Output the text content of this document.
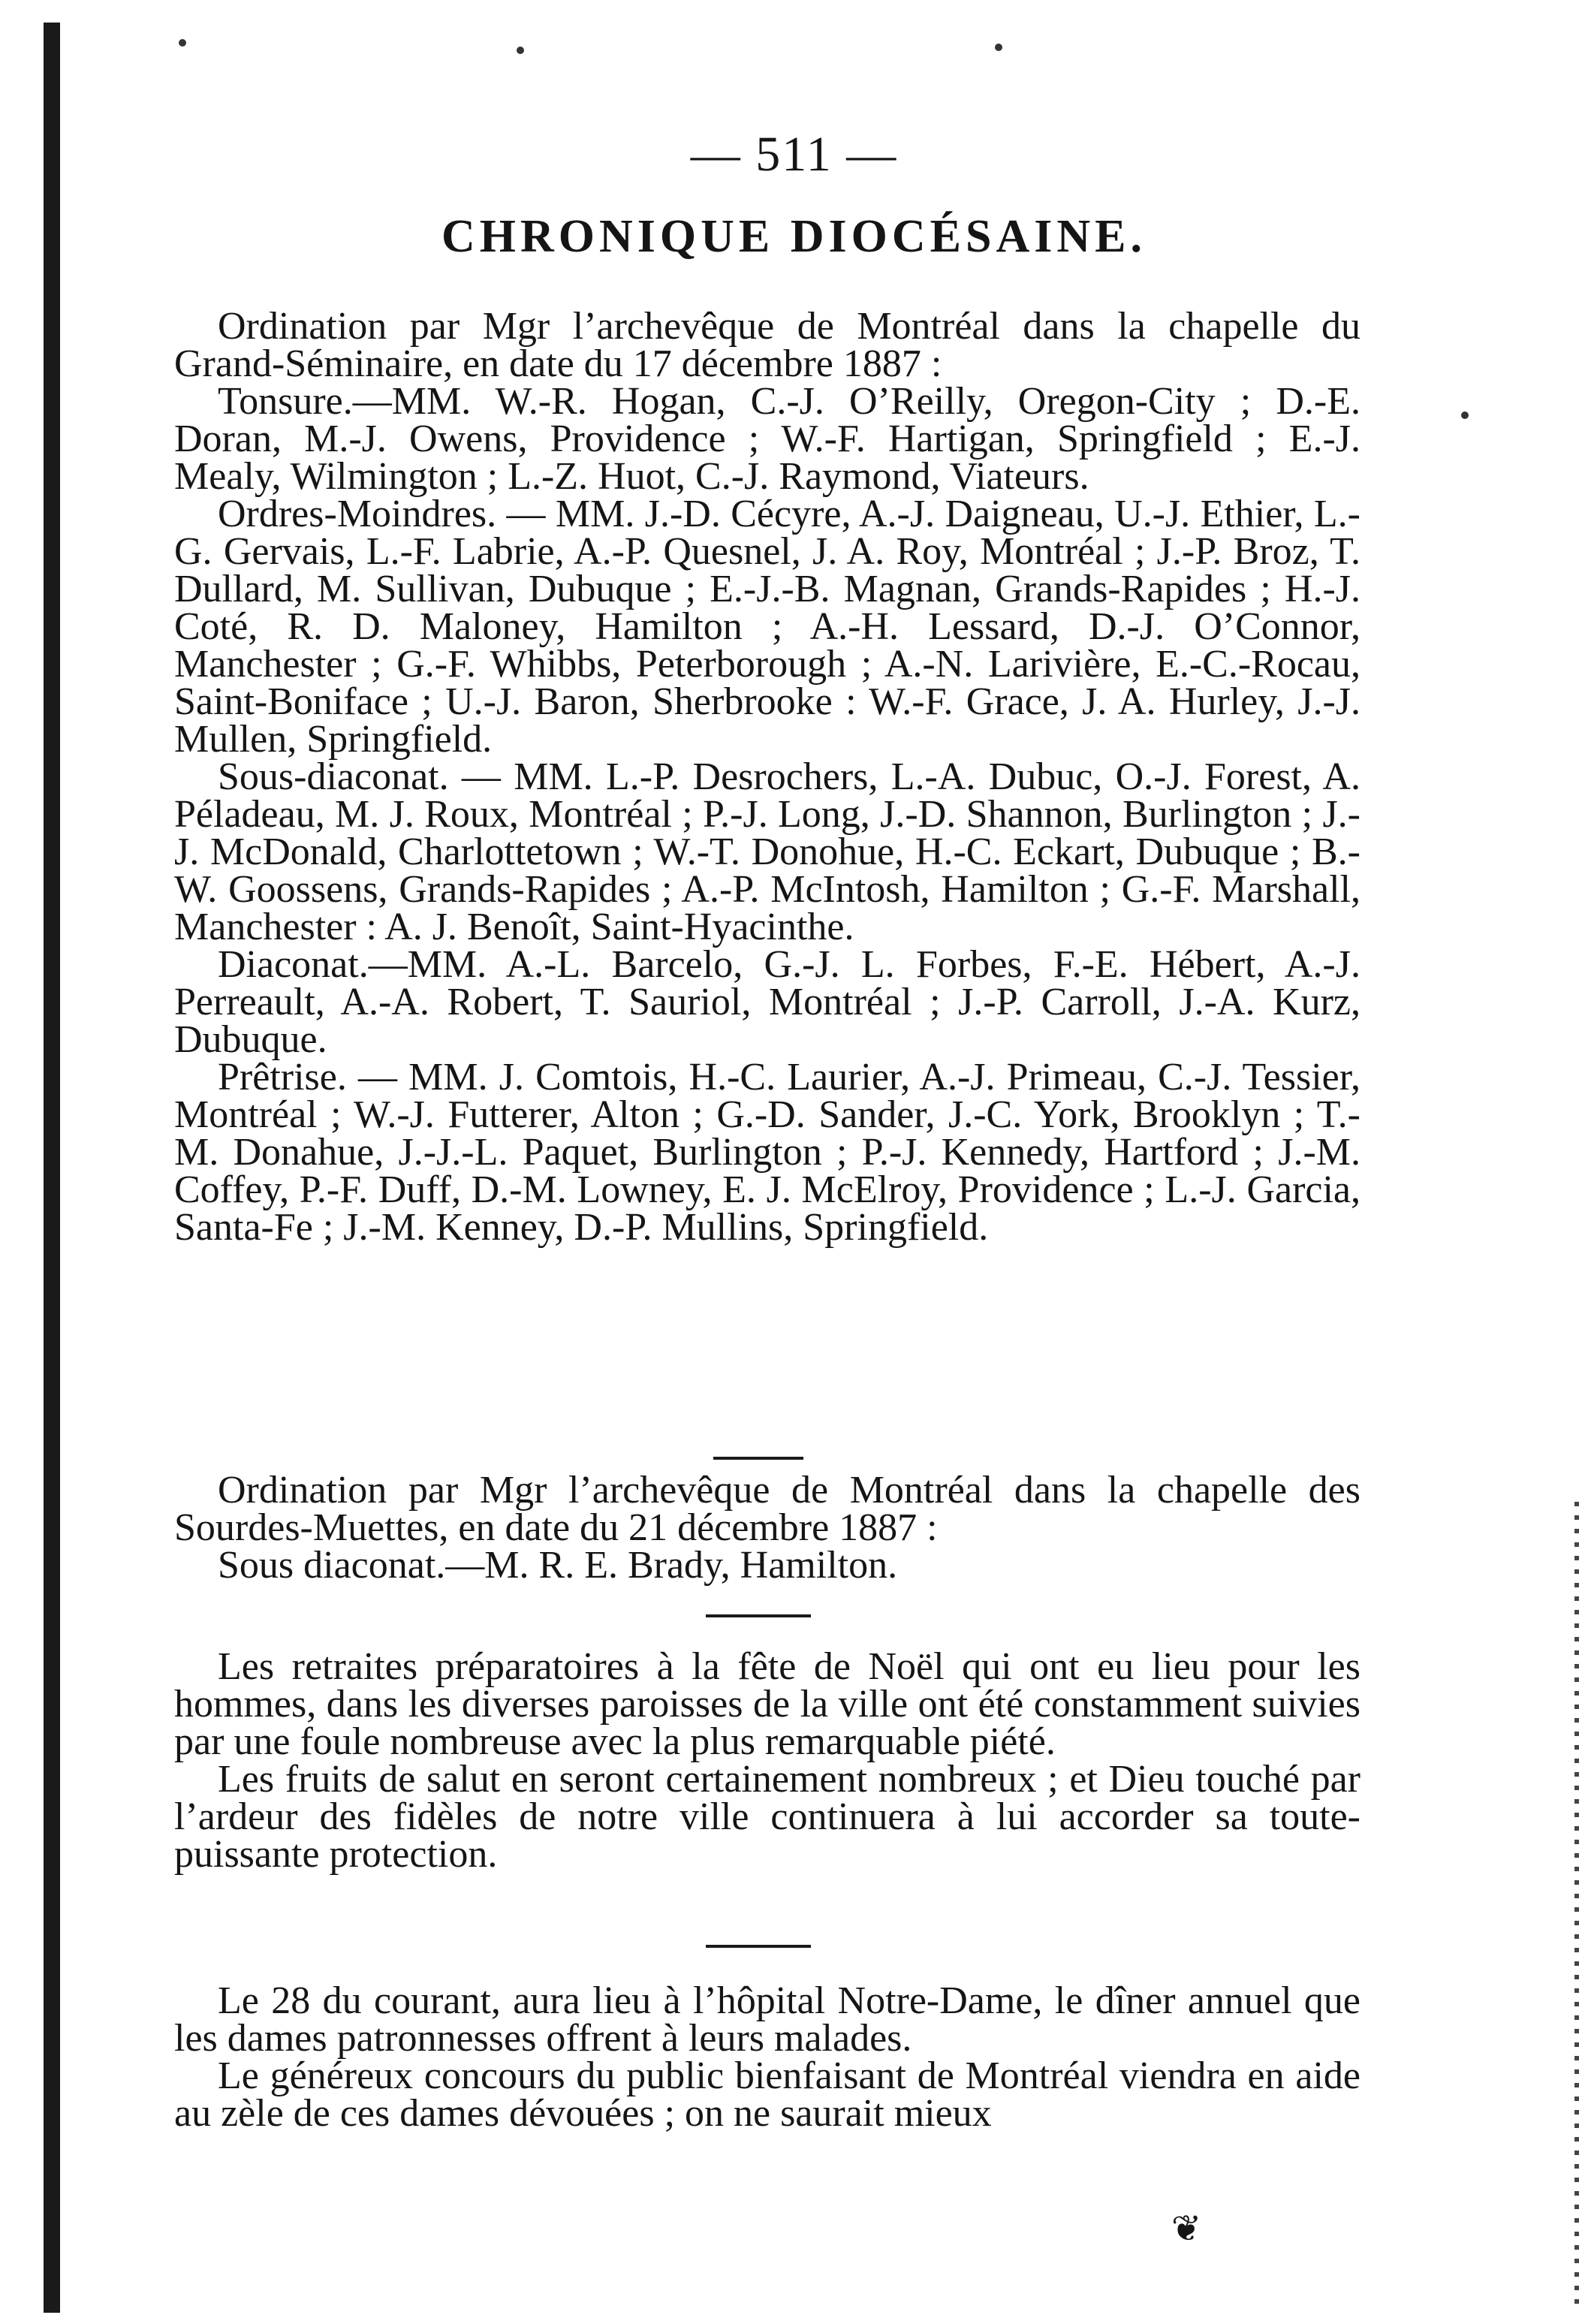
— 511 —
CHRONIQUE DIOCÉSAINE.

Ordination par Mgr l’archevêque de Montréal dans la chapelle du Grand-Séminaire, en date du 17 décembre 1887 :

Tonsure.—MM. W.-R. Hogan, C.-J. O’Reilly, Oregon-City ; D.-E. Doran, M.-J. Owens, Providence ; W.-F. Hartigan, Springfield ; E.-J. Mealy, Wilmington ; L.-Z. Huot, C.-J. Raymond, Viateurs.

Ordres-Moindres. — MM. J.-D. Cécyre, A.-J. Daigneau, U.-J. Ethier, L.-G. Gervais, L.-F. Labrie, A.-P. Quesnel, J. A. Roy, Montréal ; J.-P. Broz, T. Dullard, M. Sullivan, Dubuque ; E.-J.-B. Magnan, Grands-Rapides ; H.-J. Coté, R. D. Maloney, Hamilton ; A.-H. Lessard, D.-J. O’Connor, Manchester ; G.-F. Whibbs, Peterborough ; A.-N. Larivière, E.-C.-Rocau, Saint-Boniface ; U.-J. Baron, Sherbrooke : W.-F. Grace, J. A. Hurley, J.-J. Mullen, Springfield.

Sous-diaconat. — MM. L.-P. Desrochers, L.-A. Dubuc, O.-J. Forest, A. Péladeau, M. J. Roux, Montréal ; P.-J. Long, J.-D. Shannon, Burlington ; J.-J. McDonald, Charlottetown ; W.-T. Donohue, H.-C. Eckart, Dubuque ; B.-W. Goossens, Grands-Rapides ; A.-P. McIntosh, Hamilton ; G.-F. Marshall, Manchester : A. J. Benoît, Saint-Hyacinthe.

Diaconat.—MM. A.-L. Barcelo, G.-J. L. Forbes, F.-E. Hébert, A.-J. Perreault, A.-A. Robert, T. Sauriol, Montréal ; J.-P. Carroll, J.-A. Kurz, Dubuque.

Prêtrise. — MM. J. Comtois, H.-C. Laurier, A.-J. Primeau, C.-J. Tessier, Montréal ; W.-J. Futterer, Alton ; G.-D. Sander, J.-C. York, Brooklyn ; T.-M. Donahue, J.-J.-L. Paquet, Burlington ; P.-J. Kennedy, Hartford ; J.-M. Coffey, P.-F. Duff, D.-M. Lowney, E. J. McElroy, Providence ; L.-J. Garcia, Santa-Fe ; J.-M. Kenney, D.-P. Mullins, Springfield.

Ordination par Mgr l’archevêque de Montréal dans la chapelle des Sourdes-Muettes, en date du 21 décembre 1887 :

Sous diaconat.—M. R. E. Brady, Hamilton.

Les retraites préparatoires à la fête de Noël qui ont eu lieu pour les hommes, dans les diverses paroisses de la ville ont été constamment suivies par une foule nombreuse avec la plus remarquable piété.

Les fruits de salut en seront certainement nombreux ; et Dieu touché par l’ardeur des fidèles de notre ville continuera à lui accorder sa toute-puissante protection.

Le 28 du courant, aura lieu à l’hôpital Notre-Dame, le dîner annuel que les dames patronnesses offrent à leurs malades.

Le généreux concours du public bienfaisant de Montréal viendra en aide au zèle de ces dames dévouées ; on ne saurait mieux

❦
